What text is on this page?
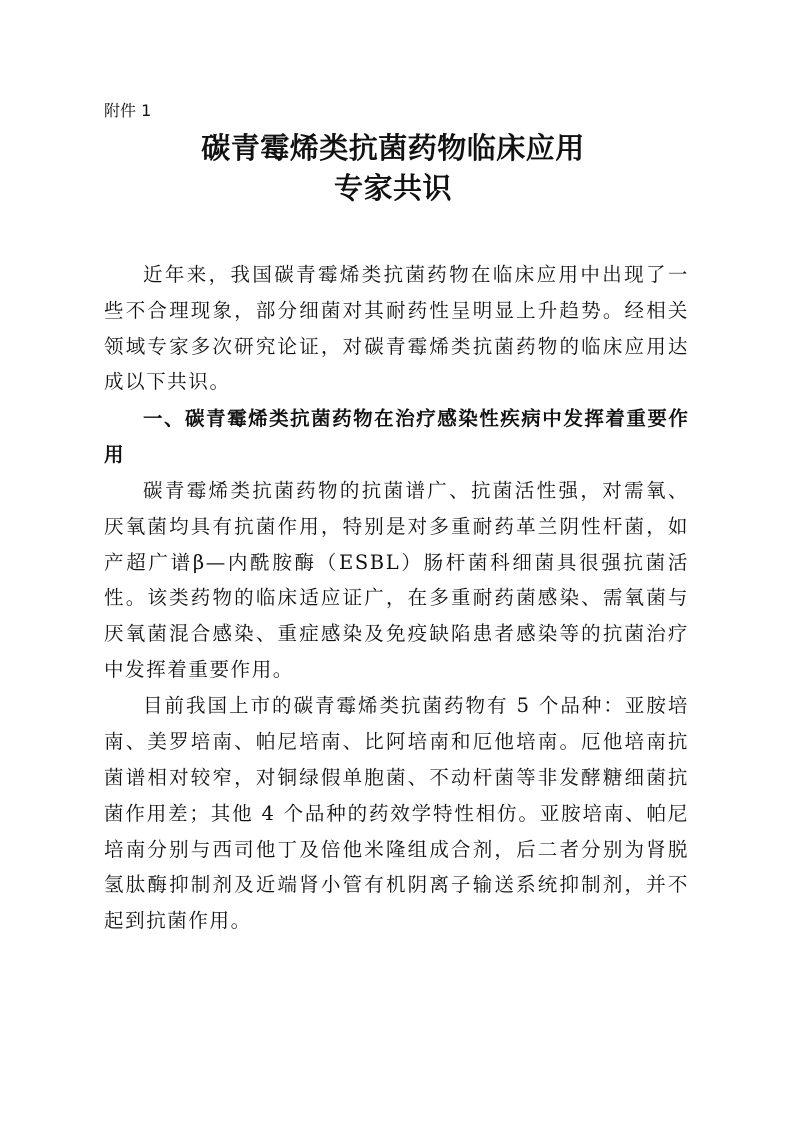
附件 1
碳青霉烯类抗菌药物临床应用
专家共识

近年来，我国碳青霉烯类抗菌药物在临床应用中出现了一些不合理现象，部分细菌对其耐药性呈明显上升趋势。经相关领域专家多次研究论证，对碳青霉烯类抗菌药物的临床应用达成以下共识。

一、碳青霉烯类抗菌药物在治疗感染性疾病中发挥着重要作用

碳青霉烯类抗菌药物的抗菌谱广、抗菌活性强，对需氧、厌氧菌均具有抗菌作用，特别是对多重耐药革兰阴性杆菌，如产超广谱β—内酰胺酶（ESBL）肠杆菌科细菌具很强抗菌活性。该类药物的临床适应证广，在多重耐药菌感染、需氧菌与厌氧菌混合感染、重症感染及免疫缺陷患者感染等的抗菌治疗中发挥着重要作用。

目前我国上市的碳青霉烯类抗菌药物有 5 个品种：亚胺培南、美罗培南、帕尼培南、比阿培南和厄他培南。厄他培南抗菌谱相对较窄，对铜绿假单胞菌、不动杆菌等非发酵糖细菌抗菌作用差；其他 4 个品种的药效学特性相仿。亚胺培南、帕尼培南分别与西司他丁及倍他米隆组成合剂，后二者分别为肾脱氢肽酶抑制剂及近端肾小管有机阴离子输送系统抑制剂，并不起到抗菌作用。
